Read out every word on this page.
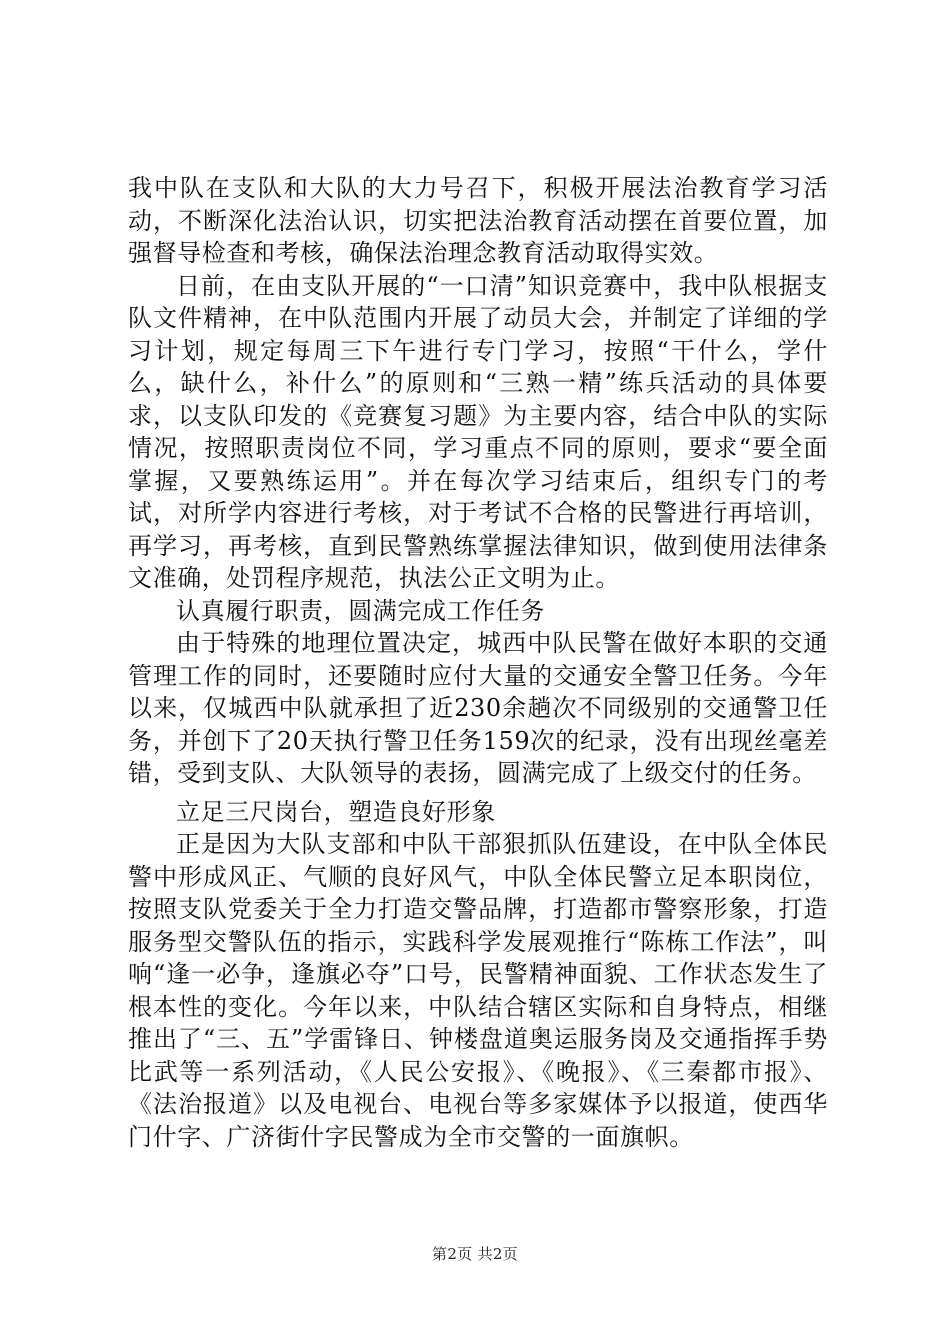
我中队在支队和大队的大力号召下，积极开展法治教育学习活动，不断深化法治认识，切实把法治教育活动摆在首要位置，加强督导检查和考核，确保法治理念教育活动取得实效。

日前，在由支队开展的“一口清”知识竞赛中，我中队根据支队文件精神，在中队范围内开展了动员大会，并制定了详细的学习计划，规定每周三下午进行专门学习，按照“干什么，学什么，缺什么，补什么”的原则和“三熟一精”练兵活动的具体要求，以支队印发的《竞赛复习题》为主要内容，结合中队的实际情况，按照职责岗位不同，学习重点不同的原则，要求“要全面掌握，又要熟练运用”。并在每次学习结束后，组织专门的考试，对所学内容进行考核，对于考试不合格的民警进行再培训，再学习，再考核，直到民警熟练掌握法律知识，做到使用法律条文准确，处罚程序规范，执法公正文明为止。

认真履行职责，圆满完成工作任务

由于特殊的地理位置决定，城西中队民警在做好本职的交通管理工作的同时，还要随时应付大量的交通安全警卫任务。今年以来，仅城西中队就承担了近230余趟次不同级别的交通警卫任务，并创下了20天执行警卫任务159次的纪录，没有出现丝毫差错，受到支队、大队领导的表扬，圆满完成了上级交付的任务。

立足三尺岗台，塑造良好形象

正是因为大队支部和中队干部狠抓队伍建设，在中队全体民警中形成风正、气顺的良好风气，中队全体民警立足本职岗位，按照支队党委关于全力打造交警品牌，打造都市警察形象，打造服务型交警队伍的指示，实践科学发展观推行“陈栋工作法”，叫响“逢一必争，逢旗必夺”口号，民警精神面貌、工作状态发生了根本性的变化。今年以来，中队结合辖区实际和自身特点，相继推出了“三、五”学雷锋日、钟楼盘道奥运服务岗及交通指挥手势比武等一系列活动，《人民公安报》、《晚报》、《三秦都市报》、《法治报道》以及电视台、电视台等多家媒体予以报道，使西华门什字、广济街什字民警成为全市交警的一面旗帜。

第2页 共2页
